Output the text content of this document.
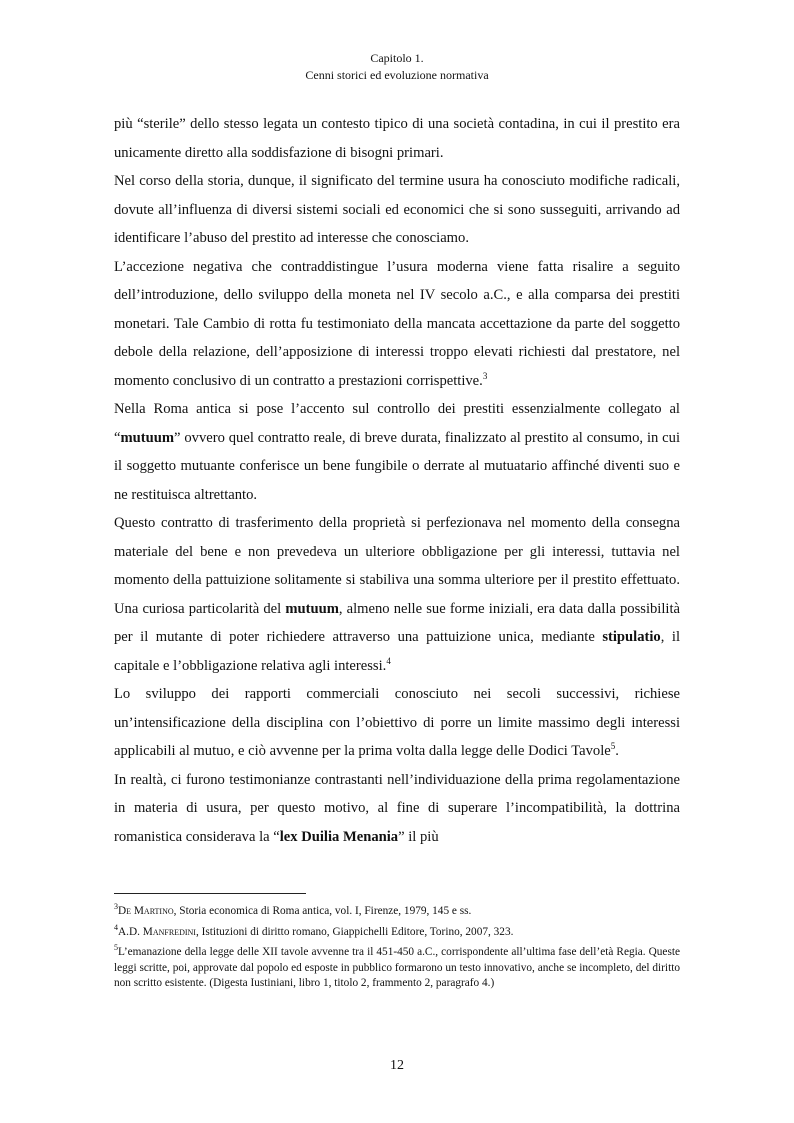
Capitolo 1.
Cenni storici ed evoluzione normativa

più “sterile” dello stesso legata un contesto tipico di una società contadina, in cui il prestito era unicamente diretto alla soddisfazione di bisogni primari.

Nel corso della storia, dunque, il significato del termine usura ha conosciuto modifiche radicali, dovute all’influenza di diversi sistemi sociali ed economici che si sono susseguiti, arrivando ad identificare l’abuso del prestito ad interesse che conosciamo.

L’accezione negativa che contraddistingue l’usura moderna viene fatta risalire a seguito dell’introduzione, dello sviluppo della moneta nel IV secolo a.C., e alla comparsa dei prestiti monetari. Tale Cambio di rotta fu testimoniato della mancata accettazione da parte del soggetto debole della relazione, dell’apposizione di interessi troppo elevati richiesti dal prestatore, nel momento conclusivo di un contratto a prestazioni corrispettive.$^3$

Nella Roma antica si pose l’accento sul controllo dei prestiti essenzialmente collegato al “mutuum” ovvero quel contratto reale, di breve durata, finalizzato al prestito al consumo, in cui il soggetto mutuante conferisce un bene fungibile o derrate al mutuatario affinché diventi suo e ne restituisca altrettanto.

Questo contratto di trasferimento della proprietà si perfezionava nel momento della consegna materiale del bene e non prevedeva un ulteriore obbligazione per gli interessi, tuttavia nel momento della pattuizione solitamente si stabiliva una somma ulteriore per il prestito effettuato. Una curiosa particolarità del mutuum, almeno nelle sue forme iniziali, era data dalla possibilità per il mutante di poter richiedere attraverso una pattuizione unica, mediante stipulatio, il capitale e l’obbligazione relativa agli interessi.$^4$

Lo sviluppo dei rapporti commerciali conosciuto nei secoli successivi, richiese un’intensificazione della disciplina con l’obiettivo di porre un limite massimo degli interessi applicabili al mutuo, e ciò avvenne per la prima volta dalla legge delle Dodici Tavole$^5$.

In realtà, ci furono testimonianze contrastanti nell’individuazione della prima regolamentazione in materia di usura, per questo motivo, al fine di superare l’incompatibilità, la dottrina romanistica considerava la “lex Duilia Menania” il più

$^3$De Martino, Storia economica di Roma antica, vol. I, Firenze, 1979, 145 e ss.

$^4$A.D. Manfredini, Istituzioni di diritto romano, Giappichelli Editore, Torino, 2007, 323.

$^5$L’emanazione della legge delle XII tavole avvenne tra il 451-450 a.C., corrispondente all’ultima fase dell’età Regia. Queste leggi scritte, poi, approvate dal popolo ed esposte in pubblico formarono un testo innovativo, anche se incompleto, del diritto non scritto esistente. (Digesta Iustiniani, libro 1, titolo 2, frammento 2, paragrafo 4.)

12
